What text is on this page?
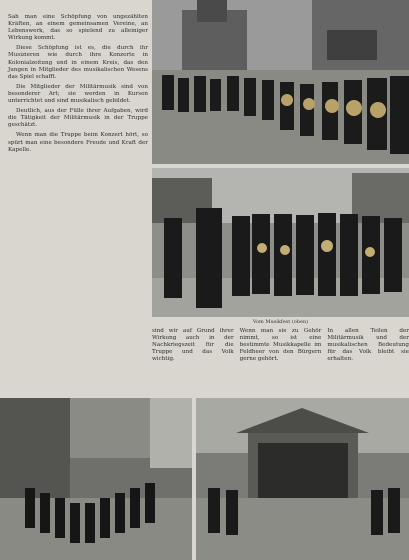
Sah man eine Schöpfung von ungezählten Kräften, an einem gemeinsamen Vereine, an Lebenswerk, das so spielend zu alleiniger Wirkung kommt.

Diese Schöpfung ist es, die durch ihr Musizieren wie durch ihre Konzerte in Kolonialzeitung und in einem Kreis, das den Jungen in Mitglieder des musikalischen Wesens das Spiel schafft.

Die Mitglieder der Militärmusik sind von besonderer Art; sie werden in Kursen unterrichtet und sind musikalisch gebildet.

Deutlich, aus der Fülle ihrer Aufgaben, wird die Tätigkeit der Militärmusik in der Truppe geschätzt.

Wenn man die Truppe beim Konzert hört, so spürt man eine besondere Freude und Kraft der Kapelle.

Vom Musikfest (oben)

sind wir auf Grund ihrer Wirkung auch in der Nachkriegszeit für die Truppe und das Volk wichtig.

Wenn man sie zu Gehör nimmt, so ist eine bestimmte Musikkapelle im Feldheer von den Bürgern gerne gehört.

In allen Teilen der Militärmusik und der musikalischen Bedeutung für das Volk bleibt sie erhalten.
